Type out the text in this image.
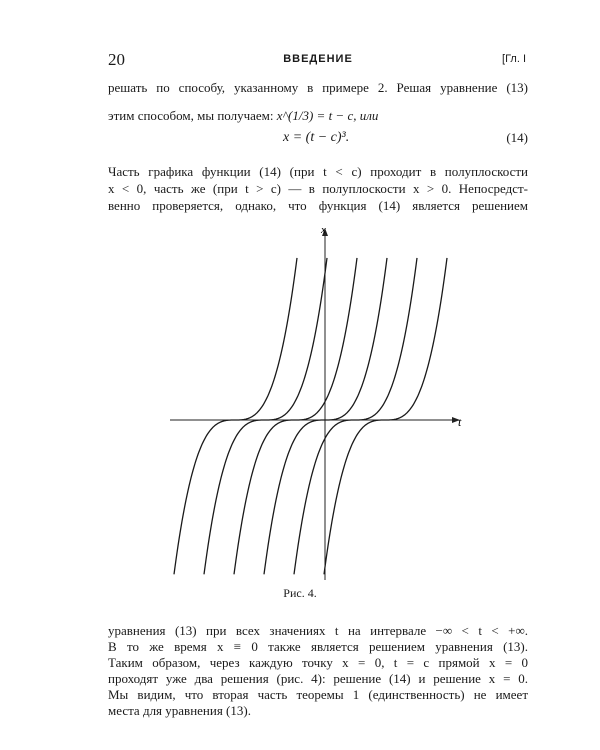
20	ВВЕДЕНИЕ	[Гл. I
решать по способу, указанному в примере 2. Решая уравнение (13)
этим способом, мы получаем: x^(1/3) = t − c, или
x = (t − c)³.	(14)
Часть графика функции (14) (при t < c) проходит в полуплоскости
x < 0, часть же (при t > c) — в полуплоскости x > 0. Непосредст-
венно проверяется, однако, что функция (14) является решением
t
x
Рис. 4.
уравнения (13) при всех значениях t на интервале −∞ < t < +∞.
В то же время x ≡ 0 также является решением уравнения (13).
Таким образом, через каждую точку x = 0, t = c прямой x = 0
проходят уже два решения (рис. 4): решение (14) и решение x = 0.
Мы видим, что вторая часть теоремы 1 (единственность) не имеет
места для уравнения (13).
